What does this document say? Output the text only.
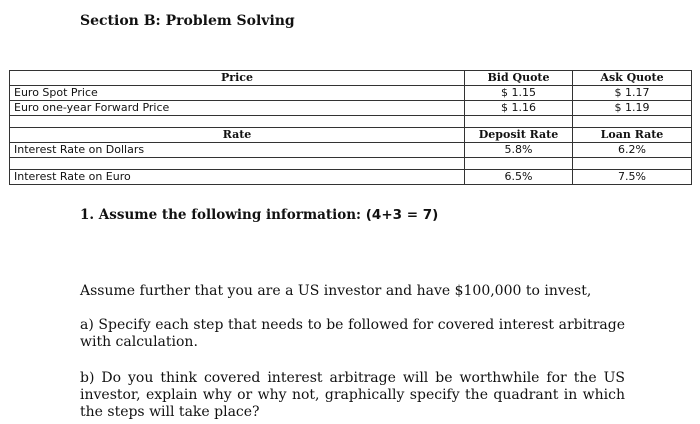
Section B: Problem Solving
Price	Bid Quote	Ask Quote
Euro Spot Price	$ 1.15	$ 1.17
Euro one-year Forward Price	$ 1.16	$ 1.19

Rate	Deposit Rate	Loan Rate
Interest Rate on Dollars	5.8%	6.2%

Interest Rate on Euro	6.5%	7.5%

1. Assume the following information: (4+3 = 7)

Assume further that you are a US investor and have $100,000 to invest,

a) Specify each step that needs to be followed for covered interest arbitrage with calculation.

b) Do you think covered interest arbitrage will be worthwhile for the US investor, explain why or why not, graphically specify the quadrant in which the steps will take place?
